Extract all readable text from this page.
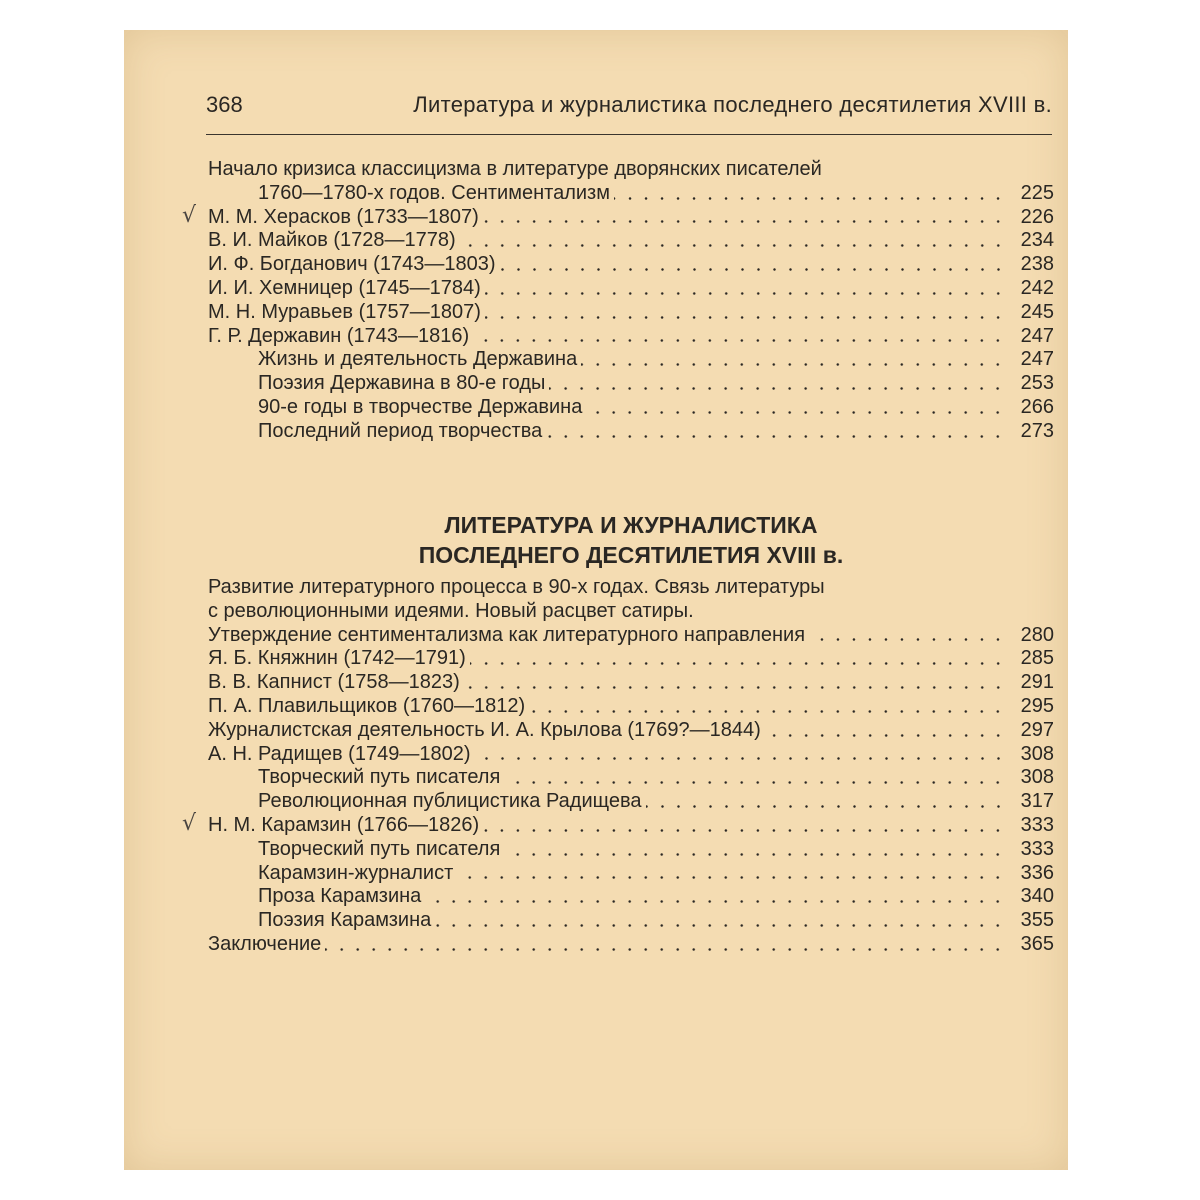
368	Литература и журналистика последнего десятилетия XVIII в.
Начало кризиса классицизма в литературе дворянских писателей
1760—1780-х годов. Сентиментализм	225
√ М. М. Херасков (1733—1807)	226
В. И. Майков (1728—1778)	234
И. Ф. Богданович (1743—1803)	238
И. И. Хемницер (1745—1784)	242
М. Н. Муравьев (1757—1807)	245
Г. Р. Державин (1743—1816)	247
Жизнь и деятельность Державина	247
Поэзия Державина в 80-е годы	253
90-е годы в творчестве Державина	266
Последний период творчества	273
ЛИТЕРАТУРА И ЖУРНАЛИСТИКА
ПОСЛЕДНЕГО ДЕСЯТИЛЕТИЯ XVIII в.
Развитие литературного процесса в 90-х годах. Связь литературы
с революционными идеями. Новый расцвет сатиры.
Утверждение сентиментализма как литературного направления	280
Я. Б. Княжнин (1742—1791)	285
В. В. Капнист (1758—1823)	291
П. А. Плавильщиков (1760—1812)	295
Журналистская деятельность И. А. Крылова (1769?—1844)	297
А. Н. Радищев (1749—1802)	308
Творческий путь писателя	308
Революционная публицистика Радищева	317
√ Н. М. Карамзин (1766—1826)	333
Творческий путь писателя	333
Карамзин-журналист	336
Проза Карамзина	340
Поэзия Карамзина	355
Заключение	365
